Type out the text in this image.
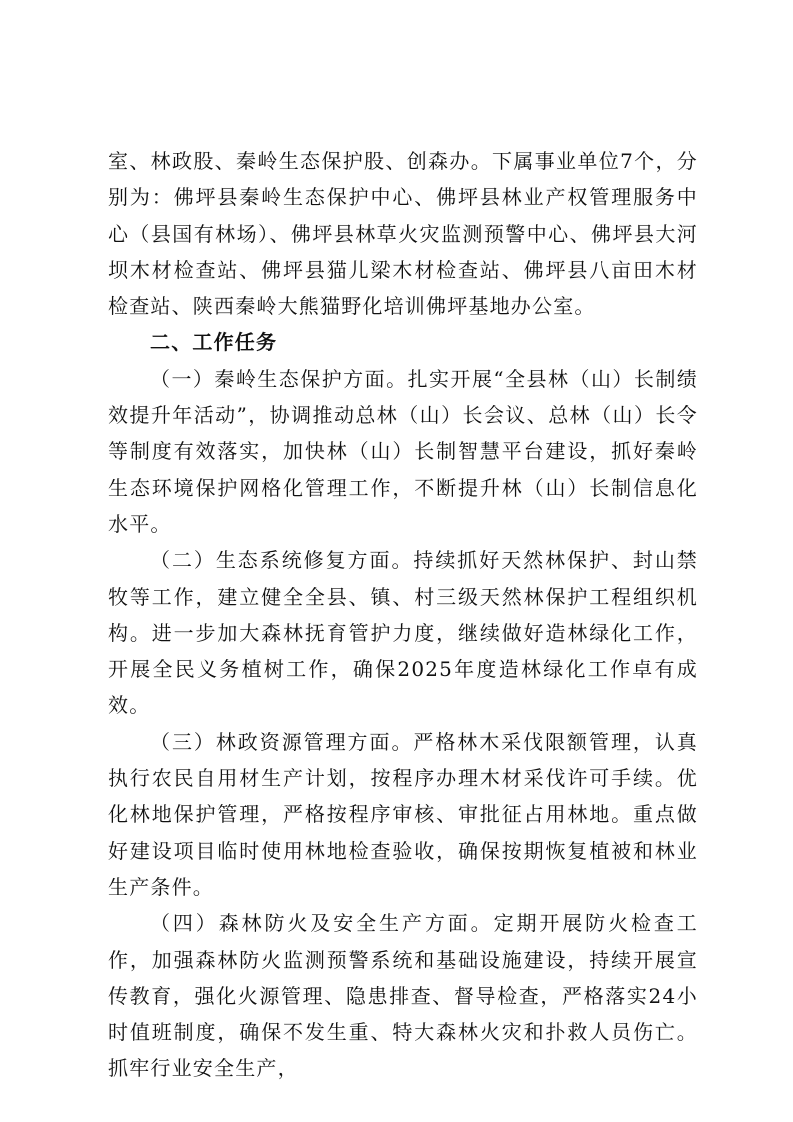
室、林政股、秦岭生态保护股、创森办。下属事业单位7个，分别为：佛坪县秦岭生态保护中心、佛坪县林业产权管理服务中心（县国有林场）、佛坪县林草火灾监测预警中心、佛坪县大河坝木材检查站、佛坪县猫儿梁木材检查站、佛坪县八亩田木材检查站、陕西秦岭大熊猫野化培训佛坪基地办公室。

二、工作任务

（一）秦岭生态保护方面。扎实开展“全县林（山）长制绩效提升年活动”，协调推动总林（山）长会议、总林（山）长令等制度有效落实，加快林（山）长制智慧平台建设，抓好秦岭生态环境保护网格化管理工作，不断提升林（山）长制信息化水平。

（二）生态系统修复方面。持续抓好天然林保护、封山禁牧等工作，建立健全全县、镇、村三级天然林保护工程组织机构。进一步加大森林抚育管护力度，继续做好造林绿化工作，开展全民义务植树工作，确保2025年度造林绿化工作卓有成效。

（三）林政资源管理方面。严格林木采伐限额管理，认真执行农民自用材生产计划，按程序办理木材采伐许可手续。优化林地保护管理，严格按程序审核、审批征占用林地。重点做好建设项目临时使用林地检查验收，确保按期恢复植被和林业生产条件。

（四）森林防火及安全生产方面。定期开展防火检查工作，加强森林防火监测预警系统和基础设施建设，持续开展宣传教育，强化火源管理、隐患排查、督导检查，严格落实24小时值班制度，确保不发生重、特大森林火灾和扑救人员伤亡。抓牢行业安全生产，
